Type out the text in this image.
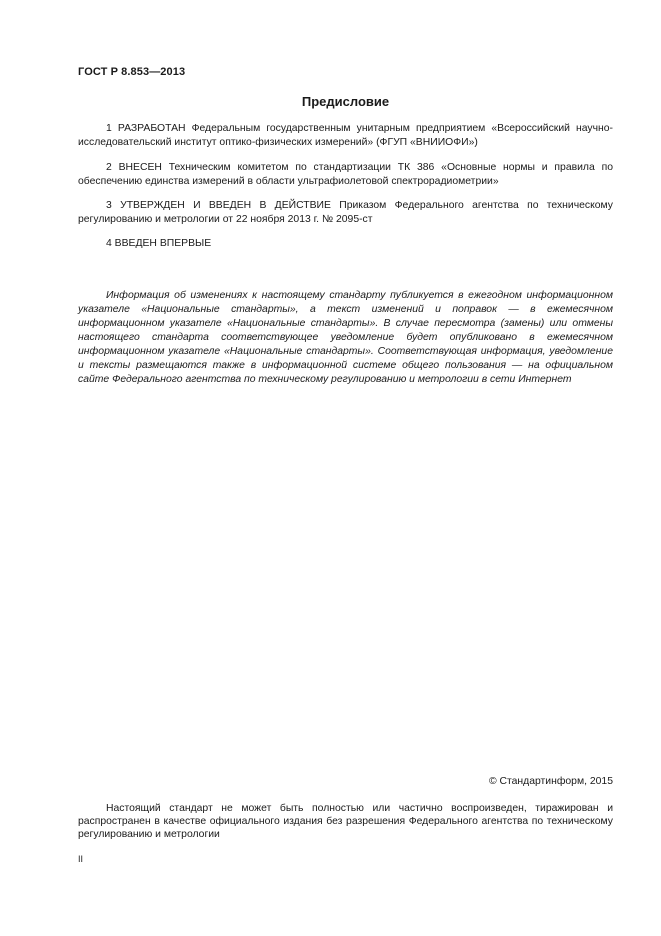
ГОСТ Р 8.853—2013
Предисловие

1 РАЗРАБОТАН Федеральным государственным унитарным предприятием «Всероссийский научно-исследовательский институт оптико-физических измерений» (ФГУП «ВНИИОФИ»)

2 ВНЕСЕН Техническим комитетом по стандартизации ТК 386 «Основные нормы и правила по обеспечению единства измерений в области ультрафиолетовой спектрорадиометрии»

3 УТВЕРЖДЕН И ВВЕДЕН В ДЕЙСТВИЕ Приказом Федерального агентства по техническому регулированию и метрологии от 22 ноября 2013 г. № 2095-ст

4 ВВЕДЕН ВПЕРВЫЕ

Информация об изменениях к настоящему стандарту публикуется в ежегодном информационном указателе «Национальные стандарты», а текст изменений и поправок — в ежемесячном информационном указателе «Национальные стандарты». В случае пересмотра (замены) или отмены настоящего стандарта соответствующее уведомление будет опубликовано в ежемесячном информационном указателе «Национальные стандарты». Соответствующая информация, уведомление и тексты размещаются также в информационной системе общего пользования — на официальном сайте Федерального агентства по техническому регулированию и метрологии в сети Интернет

© Стандартинформ, 2015

Настоящий стандарт не может быть полностью или частично воспроизведен, тиражирован и распространен в качестве официального издания без разрешения Федерального агентства по техническому регулированию и метрологии

II
